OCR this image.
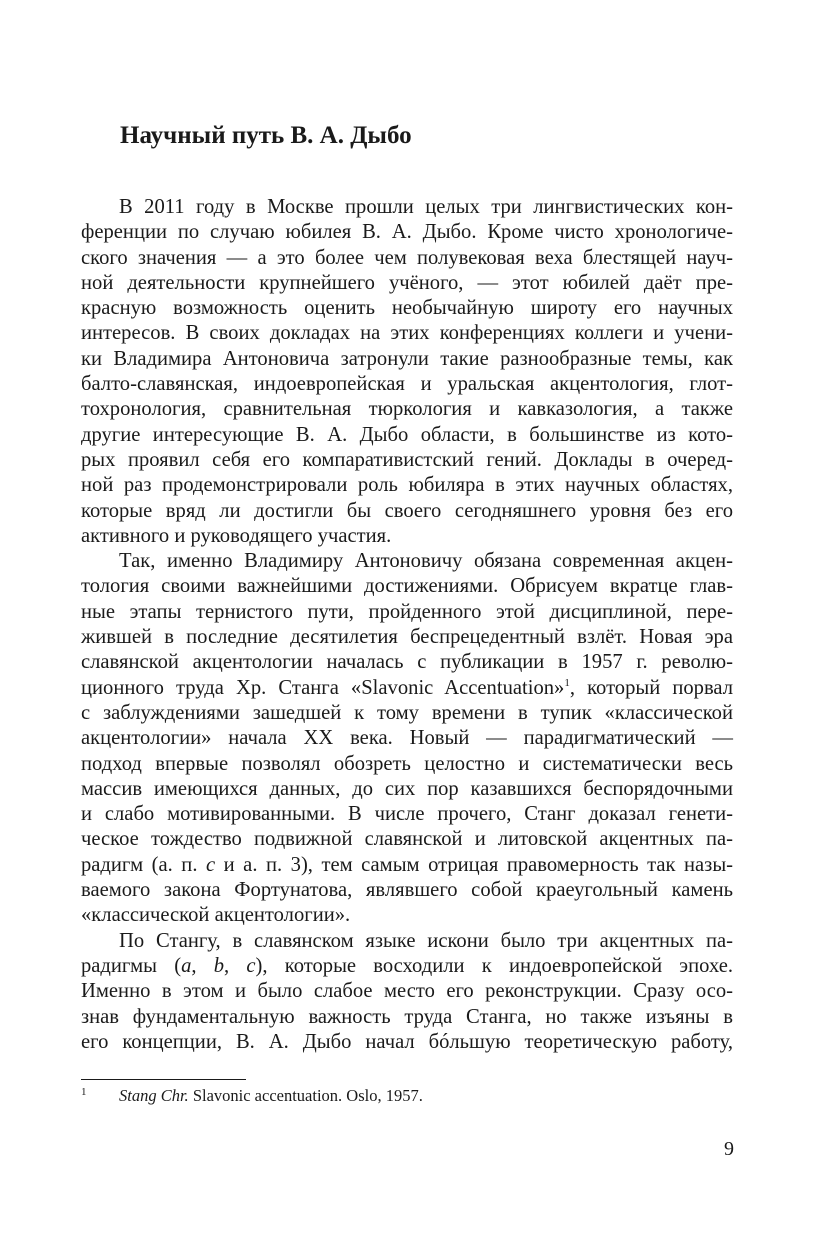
Научный путь В. А. Дыбо
В 2011 году в Москве прошли целых три лингвистических кон-
ференции по случаю юбилея В. А. Дыбо. Кроме чисто хронологиче-
ского значения — а это более чем полувековая веха блестящей науч-
ной деятельности крупнейшего учёного, — этот юбилей даёт пре-
красную возможность оценить необычайную широту его научных
интересов. В своих докладах на этих конференциях коллеги и учени-
ки Владимира Антоновича затронули такие разнообразные темы, как
балто-славянская, индоевропейская и уральская акцентология, глот-
тохронология, сравнительная тюркология и кавказология, а также
другие интересующие В. А. Дыбо области, в большинстве из кото-
рых проявил себя его компаративистский гений. Доклады в очеред-
ной раз продемонстрировали роль юбиляра в этих научных областях,
которые вряд ли достигли бы своего сегодняшнего уровня без его
активного и руководящего участия.
Так, именно Владимиру Антоновичу обязана современная акцен-
тология своими важнейшими достижениями. Обрисуем вкратце глав-
ные этапы тернистого пути, пройденного этой дисциплиной, пере-
жившей в последние десятилетия беспрецедентный взлёт. Новая эра
славянской акцентологии началась с публикации в 1957 г. револю-
ционного труда Хр. Станга «Slavonic Accentuation»$^1$, который порвал
с заблуждениями зашедшей к тому времени в тупик «классической
акцентологии» начала XX века. Новый — парадигматический —
подход впервые позволял обозреть целостно и систематически весь
массив имеющихся данных, до сих пор казавшихся беспорядочными
и слабо мотивированными. В числе прочего, Станг доказал генети-
ческое тождество подвижной славянской и литовской акцентных па-
радигм (а. п. c и а. п. 3), тем самым отрицая правомерность так назы-
ваемого закона Фортунатова, являвшего собой краеугольный камень
«классической акцентологии».
По Стангу, в славянском языке искони было три акцентных па-
радигмы (a, b, c), которые восходили к индоевропейской эпохе.
Именно в этом и было слабое место его реконструкции. Сразу осо-
знав фундаментальную важность труда Станга, но также изъяны в
его концепции, В. А. Дыбо начал бóльшую теоретическую работу,
1 Stang Chr. Slavonic accentuation. Oslo, 1957.
9
